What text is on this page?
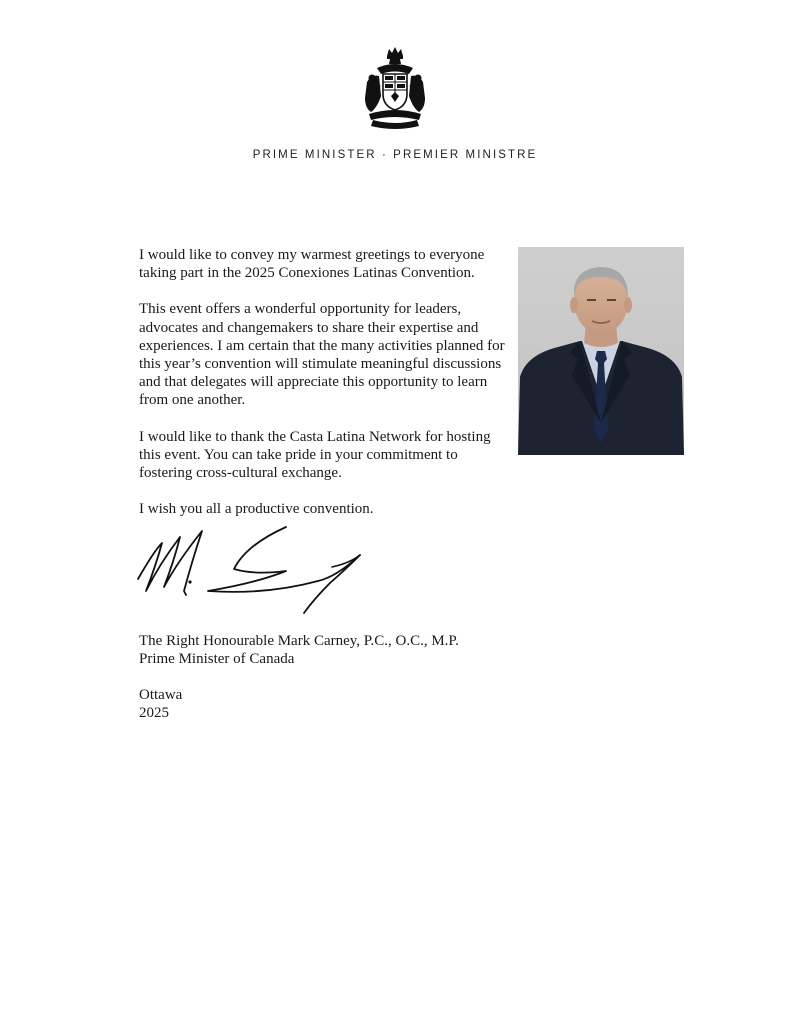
PRIME MINISTER · PREMIER MINISTRE

I would like to convey my warmest greetings to everyone taking part in the 2025 Conexiones Latinas Convention.

This event offers a wonderful opportunity for leaders, advocates and changemakers to share their expertise and experiences. I am certain that the many activities planned for this year’s convention will stimulate meaningful discussions and that delegates will appreciate this opportunity to learn from one another.

I would like to thank the Casta Latina Network for hosting this event. You can take pride in your commitment to fostering cross-cultural exchange.

I wish you all a productive convention.

The Right Honourable Mark Carney, P.C., O.C., M.P.
Prime Minister of Canada
Ottawa
2025
